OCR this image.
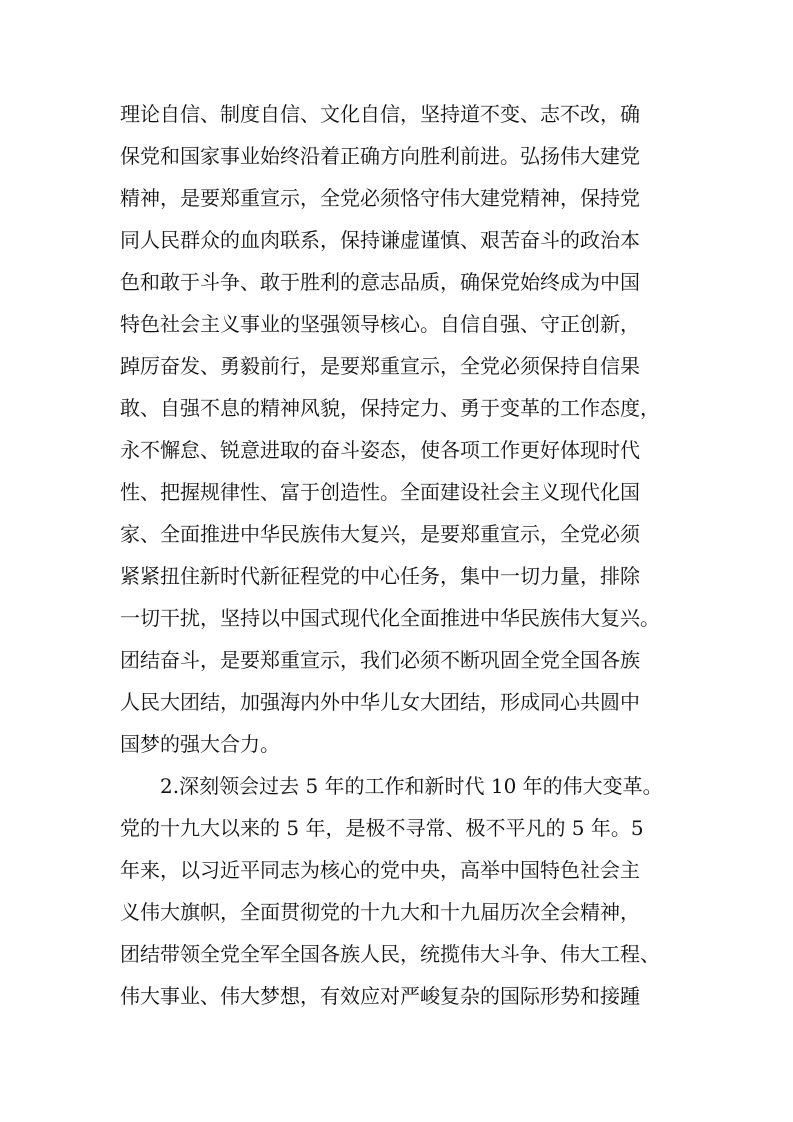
理论自信、制度自信、文化自信，坚持道不变、志不改，确
保党和国家事业始终沿着正确方向胜利前进。弘扬伟大建党
精神，是要郑重宣示，全党必须恪守伟大建党精神，保持党
同人民群众的血肉联系，保持谦虚谨慎、艰苦奋斗的政治本
色和敢于斗争、敢于胜利的意志品质，确保党始终成为中国
特色社会主义事业的坚强领导核心。自信自强、守正创新，
踔厉奋发、勇毅前行，是要郑重宣示，全党必须保持自信果
敢、自强不息的精神风貌，保持定力、勇于变革的工作态度，
永不懈怠、锐意进取的奋斗姿态，使各项工作更好体现时代
性、把握规律性、富于创造性。全面建设社会主义现代化国
家、全面推进中华民族伟大复兴，是要郑重宣示，全党必须
紧紧扭住新时代新征程党的中心任务，集中一切力量，排除
一切干扰，坚持以中国式现代化全面推进中华民族伟大复兴。
团结奋斗，是要郑重宣示，我们必须不断巩固全党全国各族
人民大团结，加强海内外中华儿女大团结，形成同心共圆中
国梦的强大合力。
2.深刻领会过去 5 年的工作和新时代 10 年的伟大变革。
党的十九大以来的 5 年，是极不寻常、极不平凡的 5 年。5
年来，以习近平同志为核心的党中央，高举中国特色社会主
义伟大旗帜，全面贯彻党的十九大和十九届历次全会精神，
团结带领全党全军全国各族人民，统揽伟大斗争、伟大工程、
伟大事业、伟大梦想，有效应对严峻复杂的国际形势和接踵
